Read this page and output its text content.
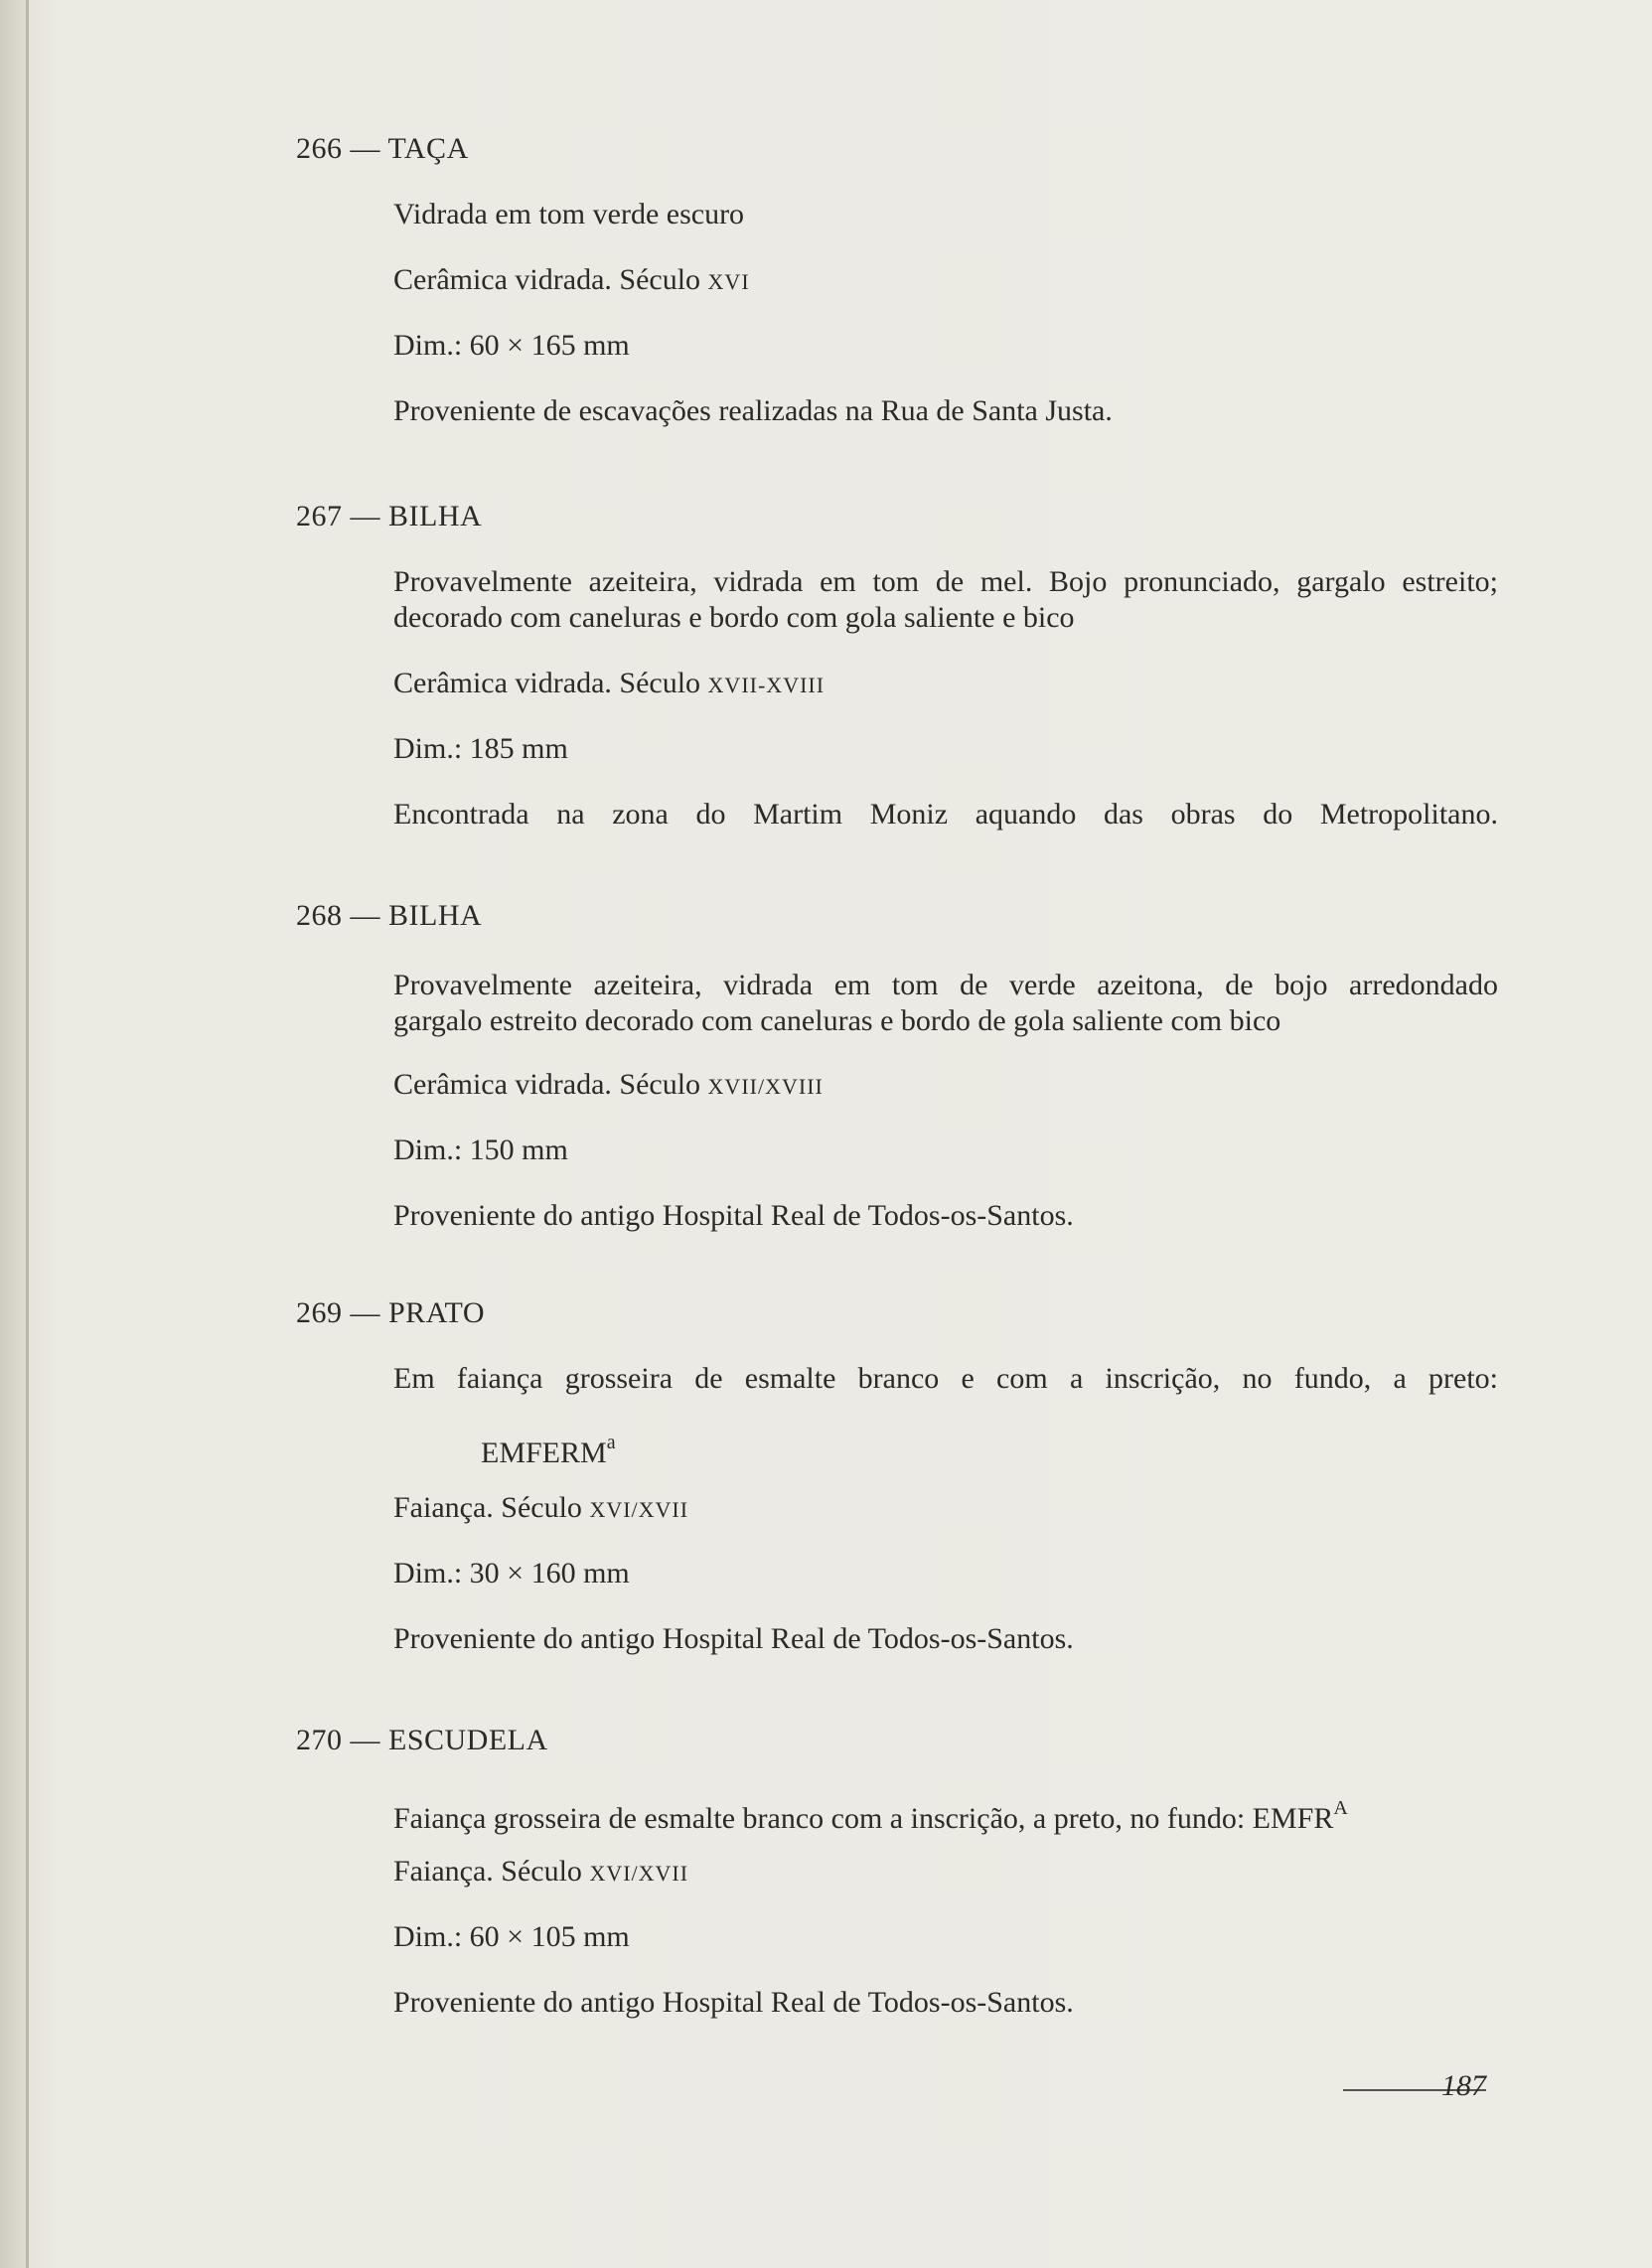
266 — TAÇA
Vidrada em tom verde escuro
Cerâmica vidrada. Século XVI
Dim.: 60 × 165 mm
Proveniente de escavações realizadas na Rua de Santa Justa.
267 — BILHA
Provavelmente azeiteira, vidrada em tom de mel. Bojo pronunciado, gargalo estreito;
decorado com caneluras e bordo com gola saliente e bico
Cerâmica vidrada. Século XVII-XVIII
Dim.: 185 mm
Encontrada na zona do Martim Moniz aquando das obras do Metropolitano.
268 — BILHA
Provavelmente azeiteira, vidrada em tom de verde azeitona, de bojo arredondado
gargalo estreito decorado com caneluras e bordo de gola saliente com bico
Cerâmica vidrada. Século XVII/XVIII
Dim.: 150 mm
Proveniente do antigo Hospital Real de Todos-os-Santos.
269 — PRATO
Em faiança grosseira de esmalte branco e com a inscrição, no fundo, a preto:
EMFERM$^a$
Faiança. Século XVI/XVII
Dim.: 30 × 160 mm
Proveniente do antigo Hospital Real de Todos-os-Santos.
270 — ESCUDELA
Faiança grosseira de esmalte branco com a inscrição, a preto, no fundo: $EMFR^A$
Faiança. Século XVI/XVII
Dim.: 60 × 105 mm
Proveniente do antigo Hospital Real de Todos-os-Santos.
187
